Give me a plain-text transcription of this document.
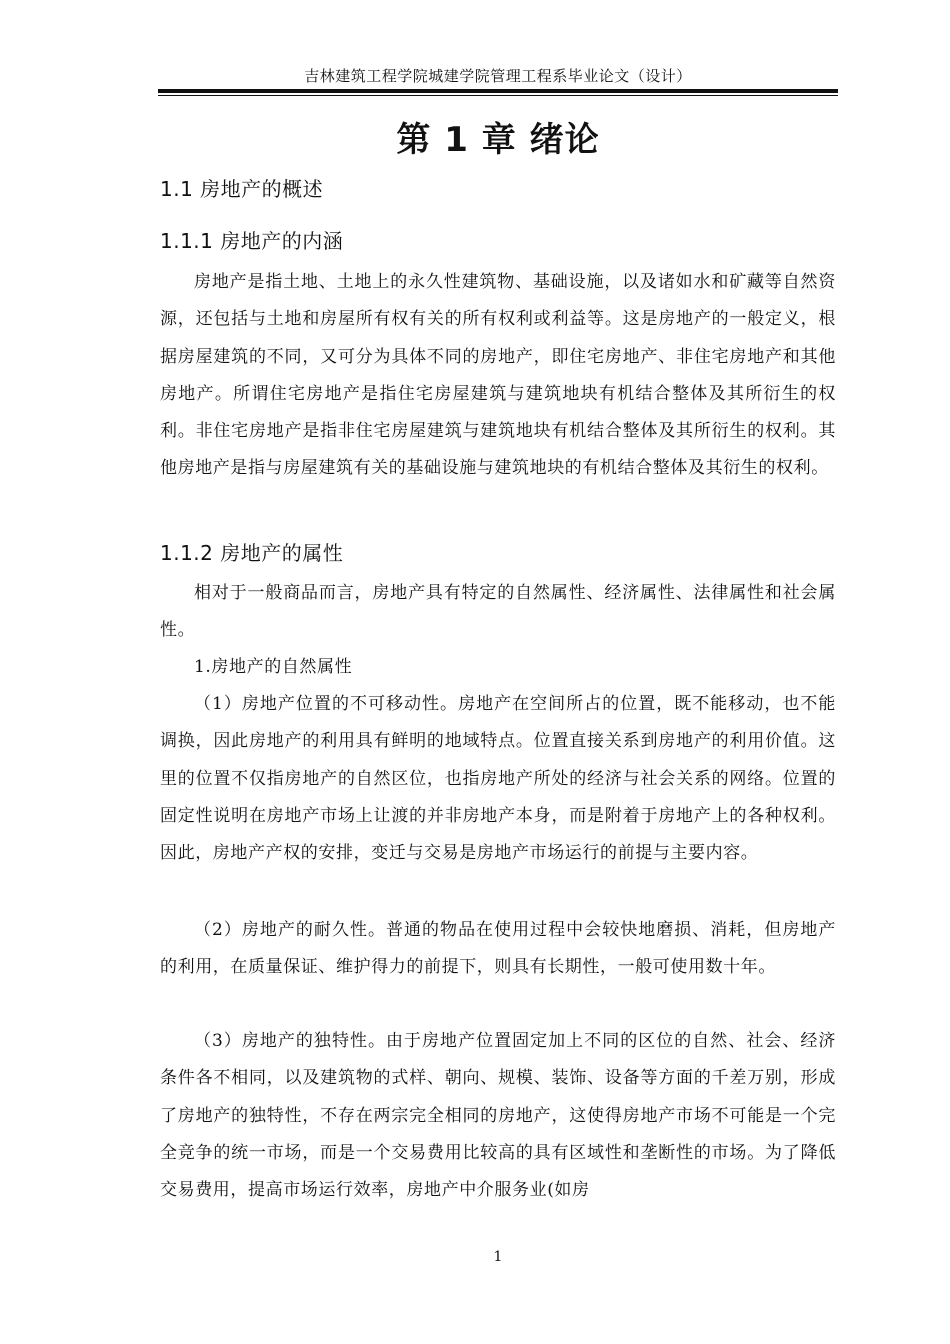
吉林建筑工程学院城建学院管理工程系毕业论文（设计）
第 1 章 绪论
1.1 房地产的概述
1.1.1 房地产的内涵

房地产是指土地、土地上的永久性建筑物、基础设施，以及诸如水和矿藏等自然资源，还包括与土地和房屋所有权有关的所有权利或利益等。这是房地产的一般定义，根据房屋建筑的不同，又可分为具体不同的房地产，即住宅房地产、非住宅房地产和其他房地产。所谓住宅房地产是指住宅房屋建筑与建筑地块有机结合整体及其所衍生的权利。非住宅房地产是指非住宅房屋建筑与建筑地块有机结合整体及其所衍生的权利。其他房地产是指与房屋建筑有关的基础设施与建筑地块的有机结合整体及其衍生的权利。

1.1.2 房地产的属性

相对于一般商品而言，房地产具有特定的自然属性、经济属性、法律属性和社会属性。

1.房地产的自然属性

（1）房地产位置的不可移动性。房地产在空间所占的位置，既不能移动，也不能调换，因此房地产的利用具有鲜明的地域特点。位置直接关系到房地产的利用价值。这里的位置不仅指房地产的自然区位，也指房地产所处的经济与社会关系的网络。位置的固定性说明在房地产市场上让渡的并非房地产本身，而是附着于房地产上的各种权利。因此，房地产产权的安排，变迁与交易是房地产市场运行的前提与主要内容。

（2）房地产的耐久性。普通的物品在使用过程中会较快地磨损、消耗，但房地产的利用，在质量保证、维护得力的前提下，则具有长期性，一般可使用数十年。

（3）房地产的独特性。由于房地产位置固定加上不同的区位的自然、社会、经济条件各不相同，以及建筑物的式样、朝向、规模、装饰、设备等方面的千差万别，形成了房地产的独特性，不存在两宗完全相同的房地产，这使得房地产市场不可能是一个完全竞争的统一市场，而是一个交易费用比较高的具有区域性和垄断性的市场。为了降低交易费用，提高市场运行效率，房地产中介服务业(如房

1
